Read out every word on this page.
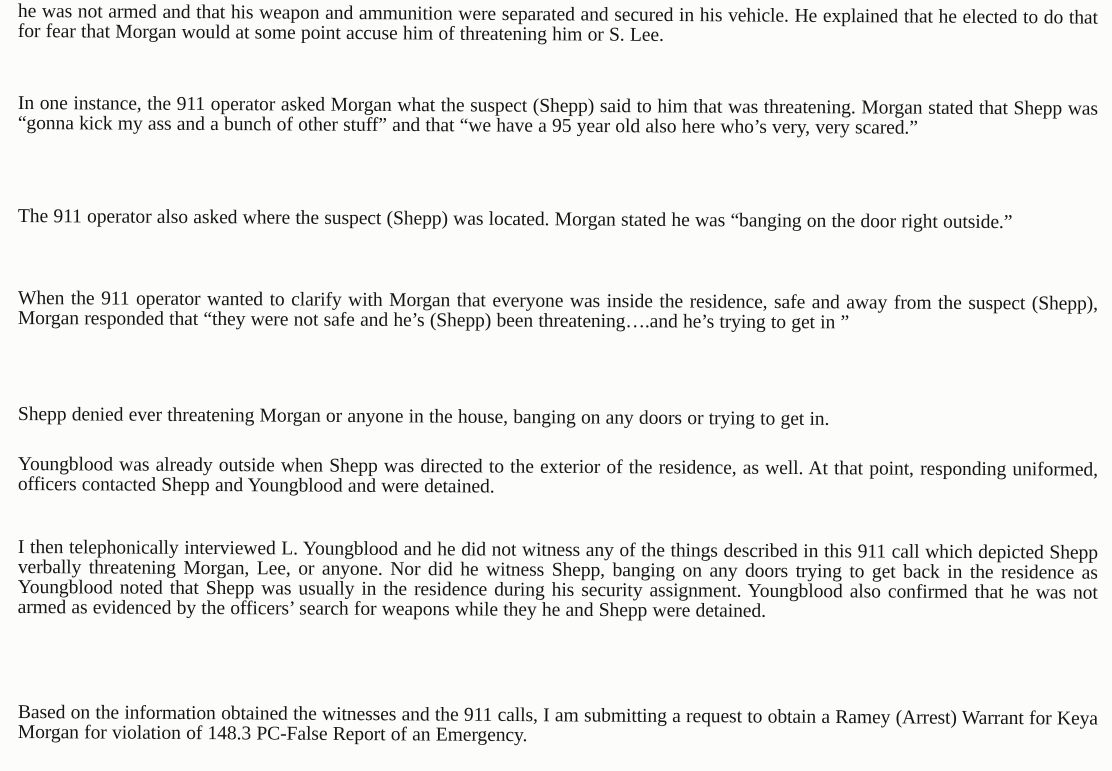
he was not armed and that his weapon and ammunition were separated and secured in his vehicle. He explained that he elected to do that for fear that Morgan would at some point accuse him of threatening him or S. Lee.

In one instance, the 911 operator asked Morgan what the suspect (Shepp) said to him that was threatening. Morgan stated that Shepp was “gonna kick my ass and a bunch of other stuff” and that “we have a 95 year old also here who’s very, very scared.”

The 911 operator also asked where the suspect (Shepp) was located. Morgan stated he was “banging on the door right outside.”

When the 911 operator wanted to clarify with Morgan that everyone was inside the residence, safe and away from the suspect (Shepp), Morgan responded that “they were not safe and he’s (Shepp) been threatening….and he’s trying to get in ”

Shepp denied ever threatening Morgan or anyone in the house, banging on any doors or trying to get in.

Youngblood was already outside when Shepp was directed to the exterior of the residence, as well. At that point, responding uniformed, officers contacted Shepp and Youngblood and were detained.

I then telephonically interviewed L. Youngblood and he did not witness any of the things described in this 911 call which depicted Shepp verbally threatening Morgan, Lee, or anyone. Nor did he witness Shepp, banging on any doors trying to get back in the residence as Youngblood noted that Shepp was usually in the residence during his security assignment. Youngblood also confirmed that he was not armed as evidenced by the officers’ search for weapons while they he and Shepp were detained.

Based on the information obtained the witnesses and the 911 calls, I am submitting a request to obtain a Ramey (Arrest) Warrant for Keya Morgan for violation of 148.3 PC-False Report of an Emergency.
